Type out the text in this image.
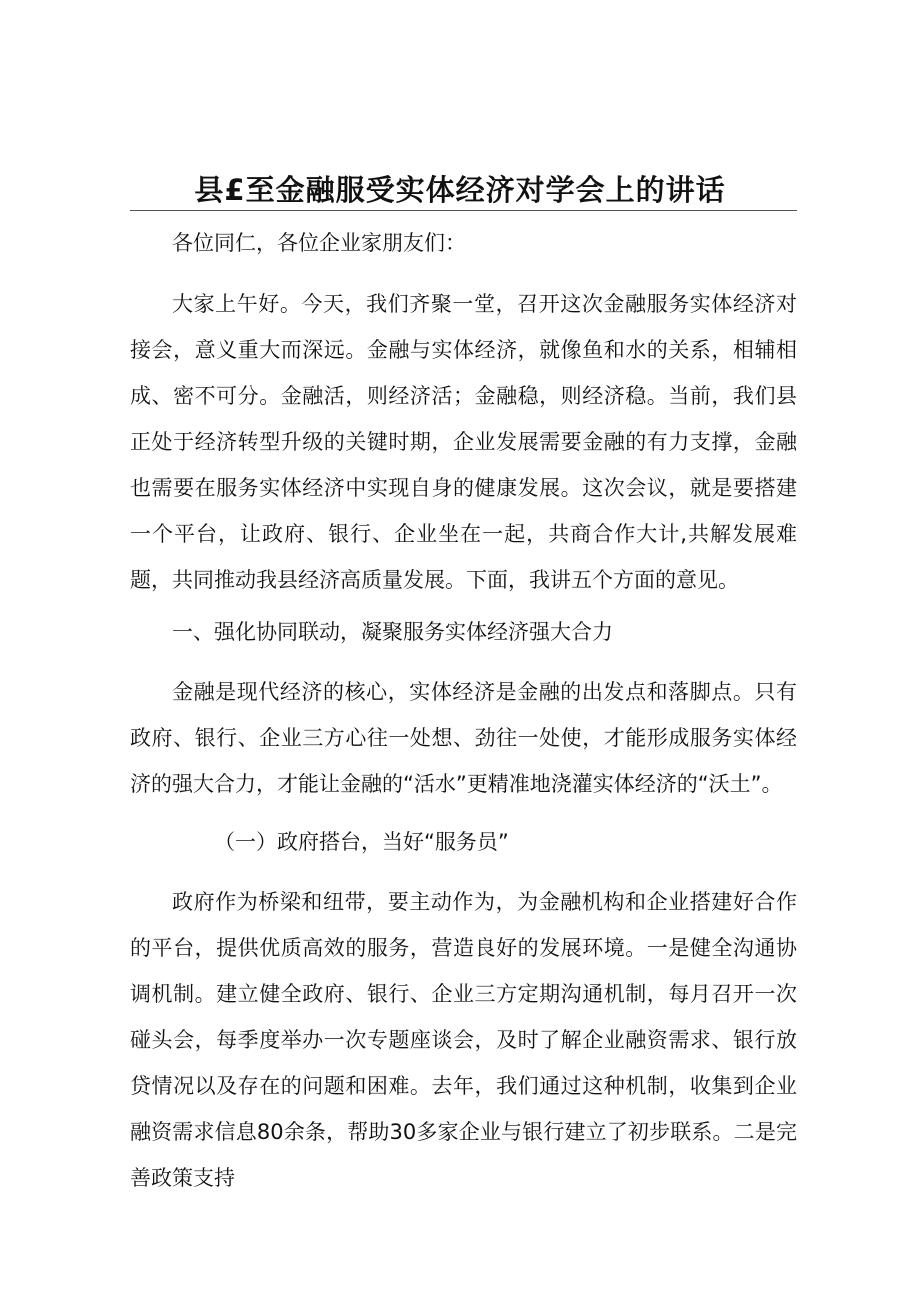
县£至金融服受实体经济对学会上的讲话

各位同仁，各位企业家朋友们：

大家上午好。今天，我们齐聚一堂，召开这次金融服务实体经济对接会，意义重大而深远。金融与实体经济，就像鱼和水的关系，相辅相成、密不可分。金融活，则经济活；金融稳，则经济稳。当前，我们县正处于经济转型升级的关键时期，企业发展需要金融的有力支撑，金融也需要在服务实体经济中实现自身的健康发展。这次会议，就是要搭建一个平台，让政府、银行、企业坐在一起，共商合作大计,共解发展难题，共同推动我县经济高质量发展。下面，我讲五个方面的意见。

一、强化协同联动，凝聚服务实体经济强大合力

金融是现代经济的核心，实体经济是金融的出发点和落脚点。只有政府、银行、企业三方心往一处想、劲往一处使，才能形成服务实体经济的强大合力，才能让金融的“活水”更精准地浇灌实体经济的“沃土”。

（一）政府搭台，当好“服务员”

政府作为桥梁和纽带，要主动作为，为金融机构和企业搭建好合作的平台，提供优质高效的服务，营造良好的发展环境。一是健全沟通协调机制。建立健全政府、银行、企业三方定期沟通机制，每月召开一次碰头会，每季度举办一次专题座谈会，及时了解企业融资需求、银行放贷情况以及存在的问题和困难。去年，我们通过这种机制，收集到企业融资需求信息80余条，帮助30多家企业与银行建立了初步联系。二是完善政策支持
